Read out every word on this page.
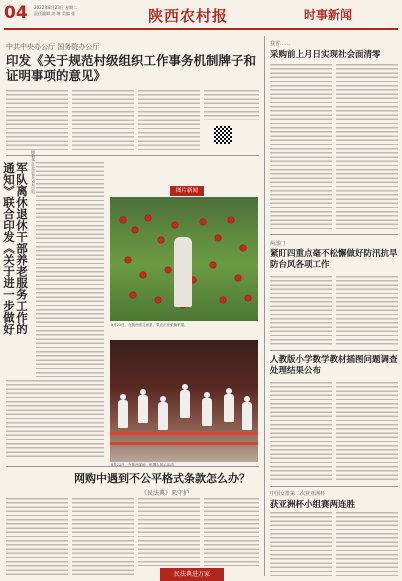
04 2022年8月23日 星期二
责任编辑 周 琳 美编 张	陕西农村报	时事新闻
中共中央办公厅 国务院办公厅
印发《关于规范村级组织工作事务机制牌子和证明事项的意见》
据新华社北京8月22日电
军队离休退休干部养老服务工作的通知》联合印发《关于进一步做好	图片新闻
8月22日，在陕西省礼泉县，果农正在采摘苹果。
8月22日，在陕西某地，机器人展示活动。
网购中遇到不公平格式条款怎么办？
《民法典》来守护
民法典进万家
我省……
采购前上月日实现社会面清零
两部门
紧盯四重点毫不松懈做好防汛抗旱防台风各项工作
人教版小学数学教材插图问题调查处理结果公布
中国女排第二次获亚洲杯
获亚洲杯小组赛两连胜
